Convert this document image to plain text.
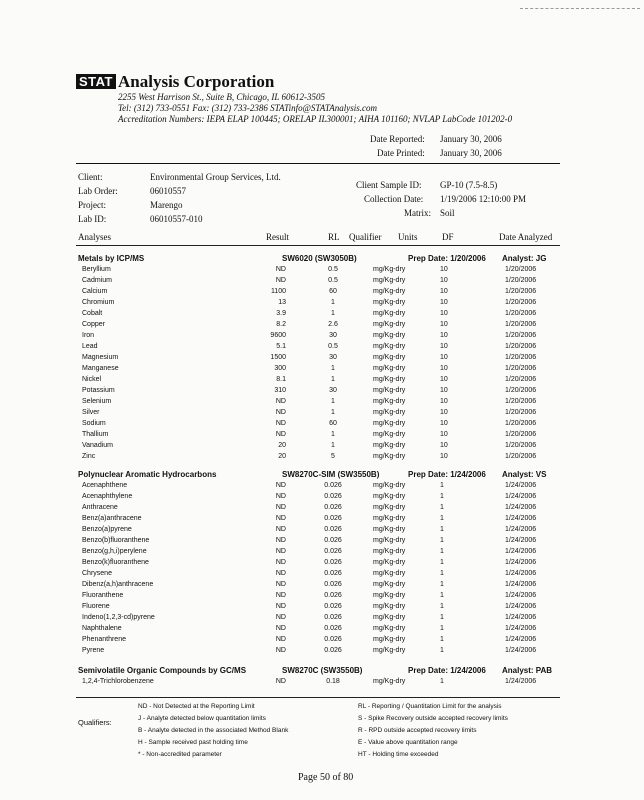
STAT Analysis Corporation
2255 West Harrison St., Suite B, Chicago, IL 60612-3505
Tel: (312) 733-0551 Fax: (312) 733-2386 STATinfo@STATAnalysis.com
Accreditation Numbers: IEPA ELAP 100445; ORELAP IL300001; AIHA 101160; NVLAP LabCode 101202-0
Date Reported: January 30, 2006
Date Printed: January 30, 2006
Client:	Environmental Group Services, Ltd.
Lab Order:	06010557
Project:	Marengo
Lab ID:	06010557-010
Client Sample ID: GP-10 (7.5-8.5)
Collection Date: 1/19/2006 12:10:00 PM
Matrix: Soil
Analyses	Result	RL Qualifier Units	DF	Date Analyzed
Metals by ICP/MS	SW6020 (SW3050B)	Prep Date: 1/20/2006 Analyst: JG
Beryllium	ND	0.5	mg/Kg-dry	10	1/20/2006
Cadmium	ND	0.5	mg/Kg-dry	10	1/20/2006
Calcium	1100	60	mg/Kg-dry	10	1/20/2006
Chromium	13	1	mg/Kg-dry	10	1/20/2006
Cobalt	3.9	1	mg/Kg-dry	10	1/20/2006
Copper	8.2	2.6	mg/Kg-dry	10	1/20/2006
Iron	9600	30	mg/Kg-dry	10	1/20/2006
Lead	5.1	0.5	mg/Kg-dry	10	1/20/2006
Magnesium	1500	30	mg/Kg-dry	10	1/20/2006
Manganese	300	1	mg/Kg-dry	10	1/20/2006
Nickel	8.1	1	mg/Kg-dry	10	1/20/2006
Potassium	310	30	mg/Kg-dry	10	1/20/2006
Selenium	ND	1	mg/Kg-dry	10	1/20/2006
Silver	ND	1	mg/Kg-dry	10	1/20/2006
Sodium	ND	60	mg/Kg-dry	10	1/20/2006
Thallium	ND	1	mg/Kg-dry	10	1/20/2006
Vanadium	20	1	mg/Kg-dry	10	1/20/2006
Zinc	20	5	mg/Kg-dry	10	1/20/2006
Polynuclear Aromatic Hydrocarbons	SW8270C-SIM (SW3550B)	Prep Date: 1/24/2006 Analyst: VS
Acenaphthene	ND	0.026	mg/Kg-dry	1	1/24/2006
Acenaphthylene	ND	0.026	mg/Kg-dry	1	1/24/2006
Anthracene	ND	0.026	mg/Kg-dry	1	1/24/2006
Benz(a)anthracene	ND	0.026	mg/Kg-dry	1	1/24/2006
Benzo(a)pyrene	ND	0.026	mg/Kg-dry	1	1/24/2006
Benzo(b)fluoranthene	ND	0.026	mg/Kg-dry	1	1/24/2006
Benzo(g,h,i)perylene	ND	0.026	mg/Kg-dry	1	1/24/2006
Benzo(k)fluoranthene	ND	0.026	mg/Kg-dry	1	1/24/2006
Chrysene	ND	0.026	mg/Kg-dry	1	1/24/2006
Dibenz(a,h)anthracene	ND	0.026	mg/Kg-dry	1	1/24/2006
Fluoranthene	ND	0.026	mg/Kg-dry	1	1/24/2006
Fluorene	ND	0.026	mg/Kg-dry	1	1/24/2006
Indeno(1,2,3-cd)pyrene	ND	0.026	mg/Kg-dry	1	1/24/2006
Naphthalene	ND	0.026	mg/Kg-dry	1	1/24/2006
Phenanthrene	ND	0.026	mg/Kg-dry	1	1/24/2006
Pyrene	ND	0.026	mg/Kg-dry	1	1/24/2006
Semivolatile Organic Compounds by GC/MS	SW8270C (SW3550B)	Prep Date: 1/24/2006 Analyst: PAB
1,2,4-Trichlorobenzene	ND	0.18	mg/Kg-dry	1	1/24/2006
Qualifiers:
ND - Not Detected at the Reporting Limit
J - Analyte detected below quantitation limits
B - Analyte detected in the associated Method Blank
H - Sample received past holding time
* - Non-accredited parameter
RL - Reporting / Quantitation Limit for the analysis
S - Spike Recovery outside accepted recovery limits
R - RPD outside accepted recovery limits
E - Value above quantitation range
HT - Holding time exceeded
Page 50 of 80
